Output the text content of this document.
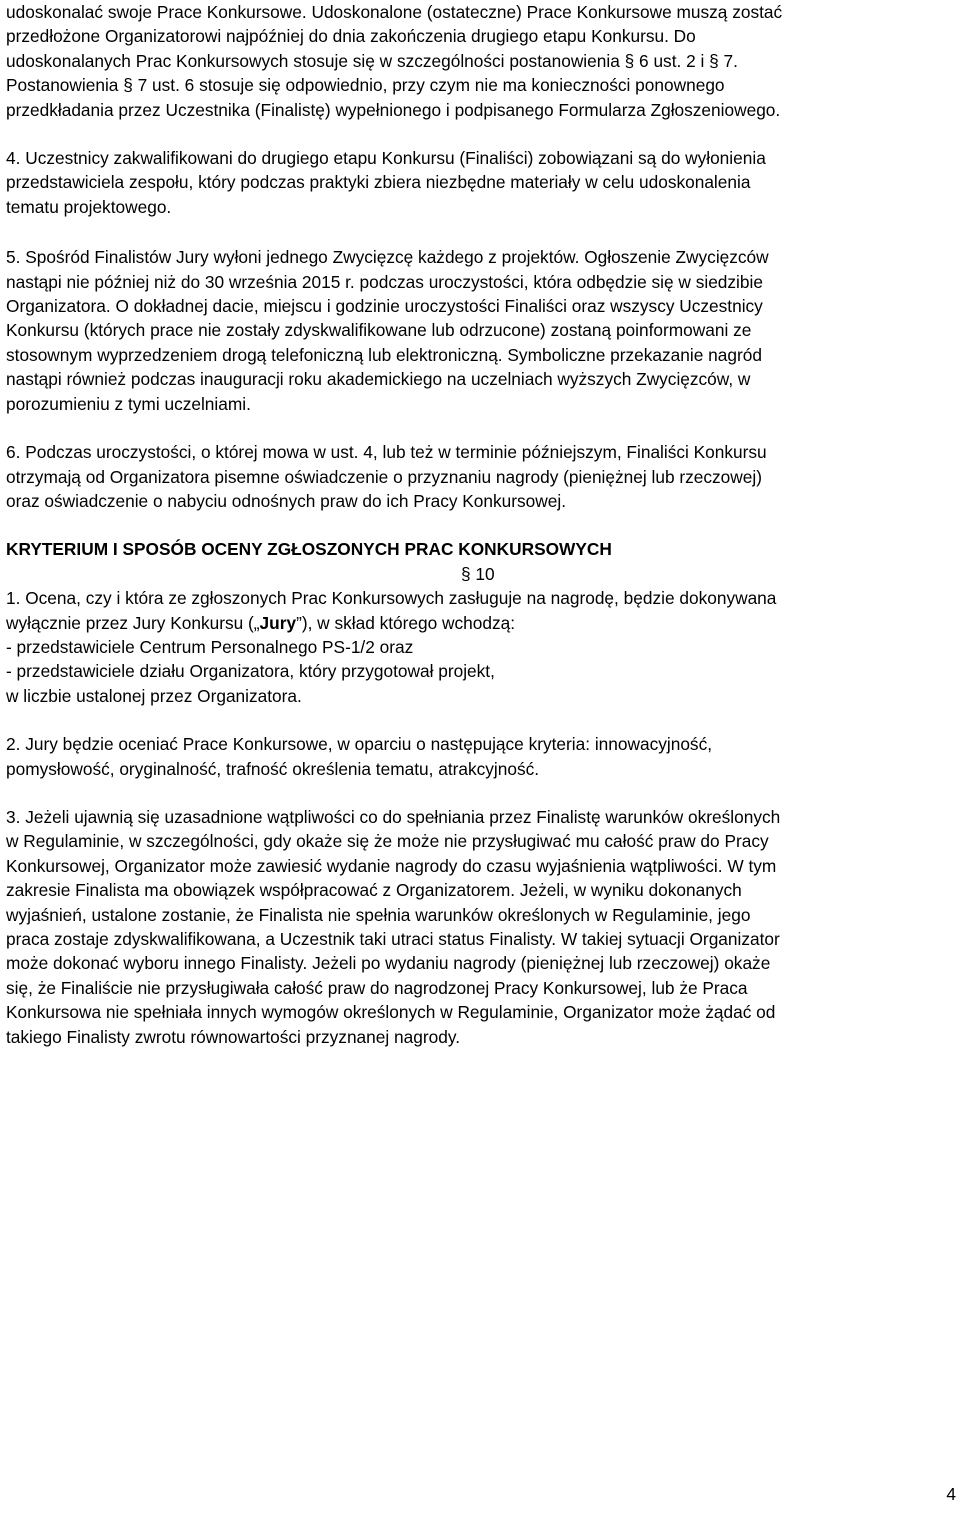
udoskonalać swoje Prace Konkursowe. Udoskonalone (ostateczne) Prace Konkursowe muszą zostać
przedłożone Organizatorowi najpóźniej do dnia zakończenia drugiego etapu Konkursu. Do
udoskonalanych Prac Konkursowych stosuje się w szczególności postanowienia § 6 ust. 2 i § 7.
Postanowienia § 7 ust. 6 stosuje się odpowiednio, przy czym nie ma konieczności ponownego
przedkładania przez Uczestnika (Finalistę) wypełnionego i podpisanego Formularza Zgłoszeniowego.
4. Uczestnicy zakwalifikowani do drugiego etapu Konkursu (Finaliści) zobowiązani są do wyłonienia
przedstawiciela zespołu, który podczas praktyki zbiera niezbędne materiały w celu udoskonalenia
tematu projektowego.
5. Spośród Finalistów Jury wyłoni jednego Zwycięzcę każdego z projektów. Ogłoszenie Zwycięzców
nastąpi nie później niż do 30 września 2015 r. podczas uroczystości, która odbędzie się w siedzibie
Organizatora. O dokładnej dacie, miejscu i godzinie uroczystości Finaliści oraz wszyscy Uczestnicy
Konkursu (których prace nie zostały zdyskwalifikowane lub odrzucone) zostaną poinformowani ze
stosownym wyprzedzeniem drogą telefoniczną lub elektroniczną. Symboliczne przekazanie nagród
nastąpi również podczas inauguracji roku akademickiego na uczelniach wyższych Zwycięzców, w
porozumieniu z tymi uczelniami.
6. Podczas uroczystości, o której mowa w ust. 4, lub też w terminie późniejszym, Finaliści Konkursu
otrzymają od Organizatora pisemne oświadczenie o przyznaniu nagrody (pieniężnej lub rzeczowej)
oraz oświadczenie o nabyciu odnośnych praw do ich Pracy Konkursowej.
KRYTERIUM I SPOSÓB OCENY ZGŁOSZONYCH PRAC KONKURSOWYCH
§ 10
1. Ocena, czy i która ze zgłoszonych Prac Konkursowych zasługuje na nagrodę, będzie dokonywana
wyłącznie przez Jury Konkursu („Jury”), w skład którego wchodzą:
- przedstawiciele Centrum Personalnego PS-1/2 oraz
- przedstawiciele działu Organizatora, który przygotował projekt,
w liczbie ustalonej przez Organizatora.
2. Jury będzie oceniać Prace Konkursowe, w oparciu o następujące kryteria: innowacyjność,
pomysłowość, oryginalność, trafność określenia tematu, atrakcyjność.
3. Jeżeli ujawnią się uzasadnione wątpliwości co do spełniania przez Finalistę warunków określonych
w Regulaminie, w szczególności, gdy okaże się że może nie przysługiwać mu całość praw do Pracy
Konkursowej, Organizator może zawiesić wydanie nagrody do czasu wyjaśnienia wątpliwości. W tym
zakresie Finalista ma obowiązek współpracować z Organizatorem. Jeżeli, w wyniku dokonanych
wyjaśnień, ustalone zostanie, że Finalista nie spełnia warunków określonych w Regulaminie, jego
praca zostaje zdyskwalifikowana, a Uczestnik taki utraci status Finalisty. W takiej sytuacji Organizator
może dokonać wyboru innego Finalisty. Jeżeli po wydaniu nagrody (pieniężnej lub rzeczowej) okaże
się, że Finaliście nie przysługiwała całość praw do nagrodzonej Pracy Konkursowej, lub że Praca
Konkursowa nie spełniała innych wymogów określonych w Regulaminie, Organizator może żądać od
takiego Finalisty zwrotu równowartości przyznanej nagrody.
4
